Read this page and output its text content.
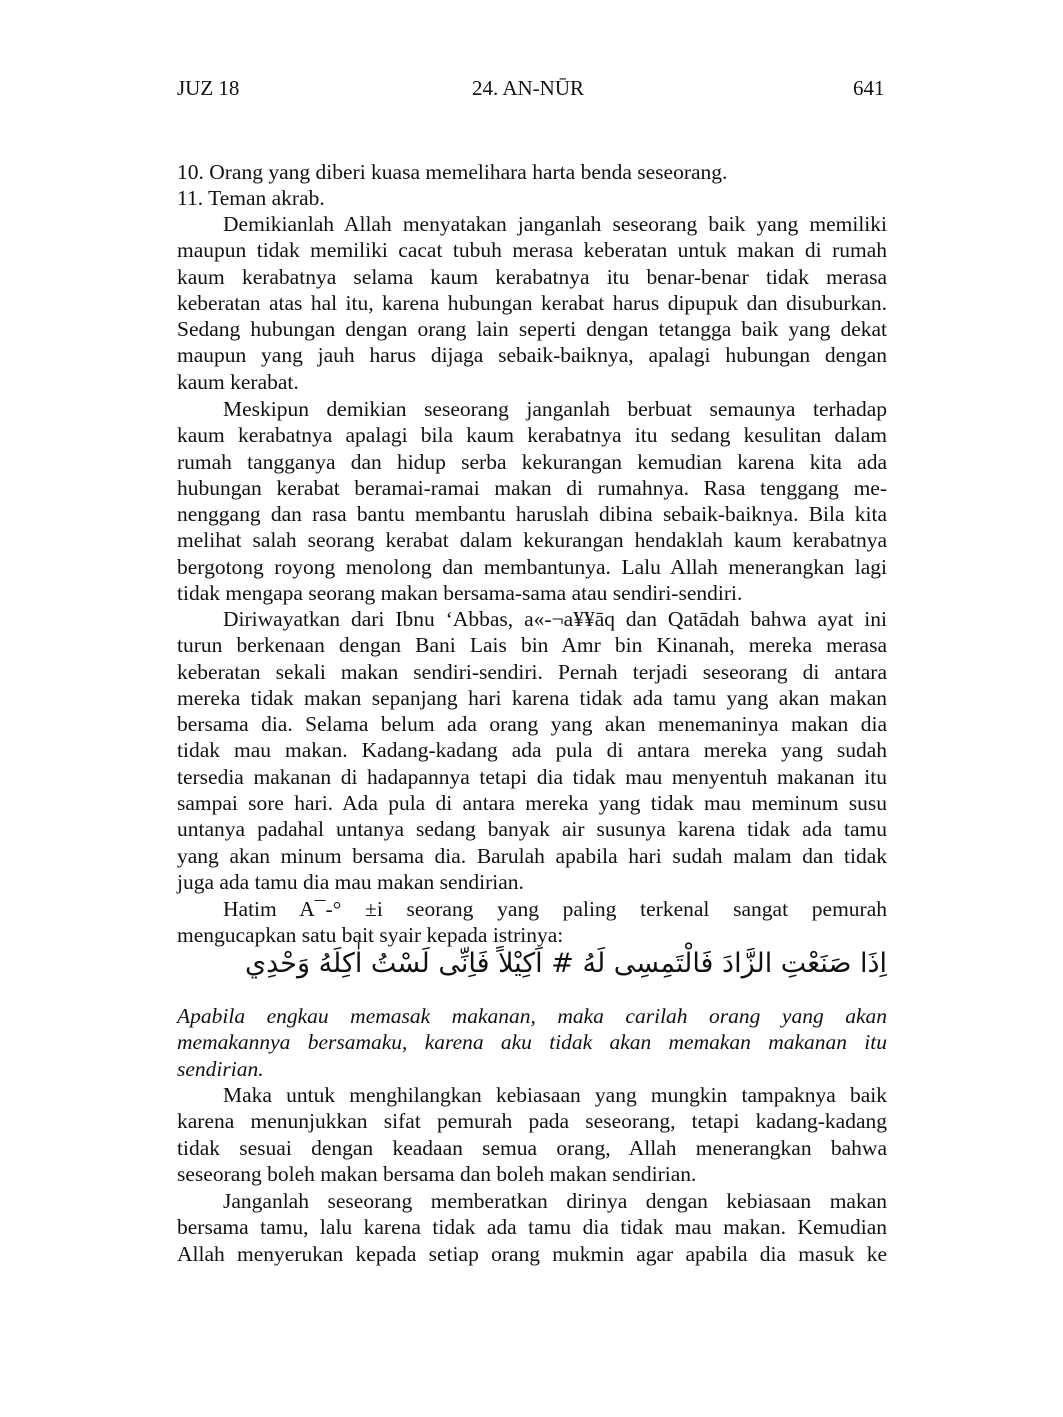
JUZ 18	24. AN-NŪR	641
10. Orang yang diberi kuasa memelihara harta benda seseorang.
11. Teman akrab.
Demikianlah Allah menyatakan janganlah seseorang baik yang memiliki
maupun tidak memiliki cacat tubuh merasa keberatan untuk makan di rumah
kaum kerabatnya selama kaum kerabatnya itu benar-benar tidak merasa
keberatan atas hal itu, karena hubungan kerabat harus dipupuk dan disuburkan.
Sedang hubungan dengan orang lain seperti dengan tetangga baik yang dekat
maupun yang jauh harus dijaga sebaik-baiknya, apalagi hubungan dengan
kaum kerabat.
Meskipun demikian seseorang janganlah berbuat semaunya terhadap
kaum kerabatnya apalagi bila kaum kerabatnya itu sedang kesulitan dalam
rumah tangganya dan hidup serba kekurangan kemudian karena kita ada
hubungan kerabat beramai-ramai makan di rumahnya. Rasa tenggang me-
nenggang dan rasa bantu membantu haruslah dibina sebaik-baiknya. Bila kita
melihat salah seorang kerabat dalam kekurangan hendaklah kaum kerabatnya
bergotong royong menolong dan membantunya. Lalu Allah menerangkan lagi
tidak mengapa seorang makan bersama-sama atau sendiri-sendiri.
Diriwayatkan dari Ibnu ‘Abbas, a«-¬a¥¥āq dan Qatādah bahwa ayat ini
turun berkenaan dengan Bani Lais bin Amr bin Kinanah, mereka merasa
keberatan sekali makan sendiri-sendiri. Pernah terjadi seseorang di antara
mereka tidak makan sepanjang hari karena tidak ada tamu yang akan makan
bersama dia. Selama belum ada orang yang akan menemaninya makan dia
tidak mau makan. Kadang-kadang ada pula di antara mereka yang sudah
tersedia makanan di hadapannya tetapi dia tidak mau menyentuh makanan itu
sampai sore hari. Ada pula di antara mereka yang tidak mau meminum susu
untanya padahal untanya sedang banyak air susunya karena tidak ada tamu
yang akan minum bersama dia. Barulah apabila hari sudah malam dan tidak
juga ada tamu dia mau makan sendirian.
Hatim A¯-° ±i seorang yang paling terkenal sangat pemurah
mengucapkan satu bait syair kepada istrinya:
اِذَا صَنَعْتِ الزَّادَ فَالْتَمِسِى لَهُ # اَكِيْلاً فَاِنِّى لَسْتُ اٰكِلَهُ وَحْدِي
Apabila engkau memasak makanan, maka carilah orang yang akan
memakannya bersamaku, karena aku tidak akan memakan makanan itu
sendirian.
Maka untuk menghilangkan kebiasaan yang mungkin tampaknya baik
karena menunjukkan sifat pemurah pada seseorang, tetapi kadang-kadang
tidak sesuai dengan keadaan semua orang, Allah menerangkan bahwa
seseorang boleh makan bersama dan boleh makan sendirian.
Janganlah seseorang memberatkan dirinya dengan kebiasaan makan
bersama tamu, lalu karena tidak ada tamu dia tidak mau makan. Kemudian
Allah menyerukan kepada setiap orang mukmin agar apabila dia masuk ke
